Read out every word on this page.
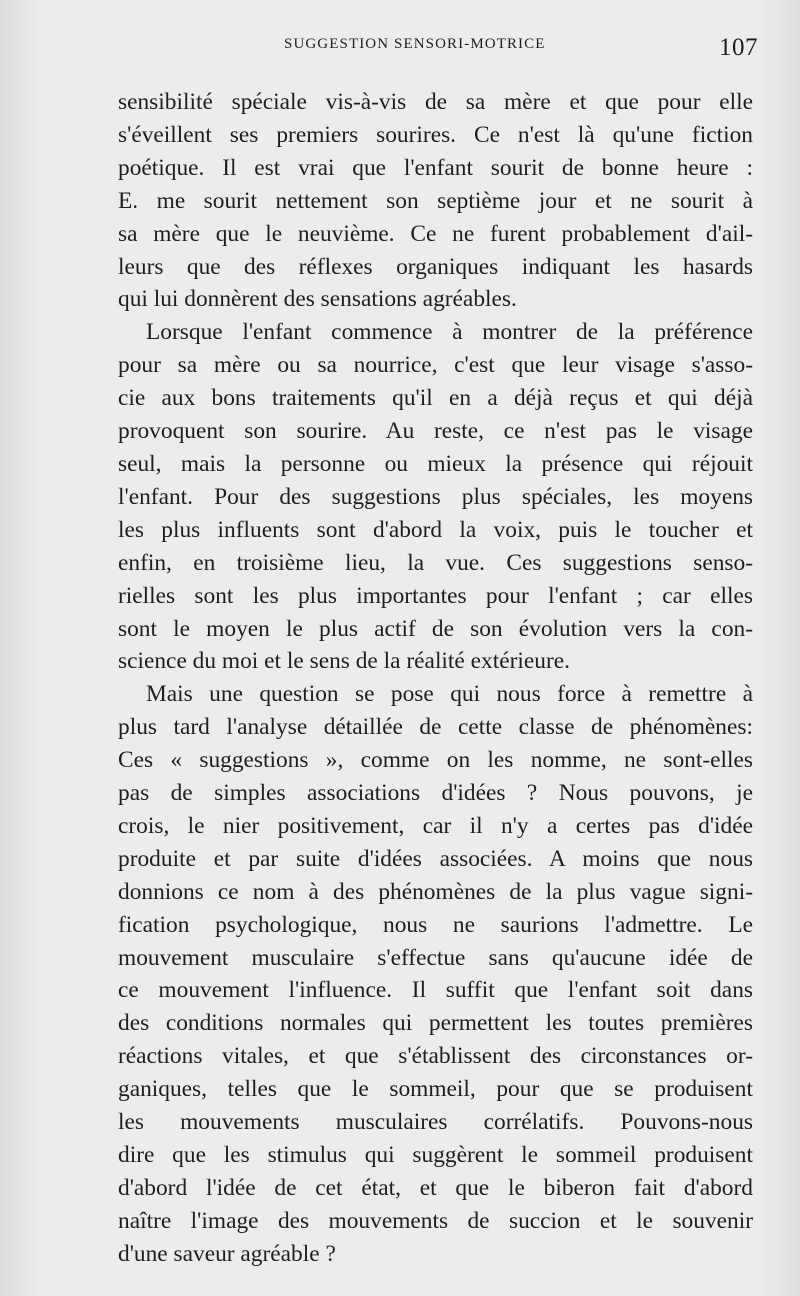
SUGGESTION SENSORI-MOTRICE	107
sensibilité spéciale vis-à-vis de sa mère et que pour elle
s'éveillent ses premiers sourires. Ce n'est là qu'une fiction
poétique. Il est vrai que l'enfant sourit de bonne heure :
E. me sourit nettement son septième jour et ne sourit à
sa mère que le neuvième. Ce ne furent probablement d'ail-
leurs que des réflexes organiques indiquant les hasards
qui lui donnèrent des sensations agréables.
Lorsque l'enfant commence à montrer de la préférence
pour sa mère ou sa nourrice, c'est que leur visage s'asso-
cie aux bons traitements qu'il en a déjà reçus et qui déjà
provoquent son sourire. Au reste, ce n'est pas le visage
seul, mais la personne ou mieux la présence qui réjouit
l'enfant. Pour des suggestions plus spéciales, les moyens
les plus influents sont d'abord la voix, puis le toucher et
enfin, en troisième lieu, la vue. Ces suggestions senso-
rielles sont les plus importantes pour l'enfant ; car elles
sont le moyen le plus actif de son évolution vers la con-
science du moi et le sens de la réalité extérieure.
Mais une question se pose qui nous force à remettre à
plus tard l'analyse détaillée de cette classe de phénomènes:
Ces « suggestions », comme on les nomme, ne sont-elles
pas de simples associations d'idées ? Nous pouvons, je
crois, le nier positivement, car il n'y a certes pas d'idée
produite et par suite d'idées associées. A moins que nous
donnions ce nom à des phénomènes de la plus vague signi-
fication psychologique, nous ne saurions l'admettre. Le
mouvement musculaire s'effectue sans qu'aucune idée de
ce mouvement l'influence. Il suffit que l'enfant soit dans
des conditions normales qui permettent les toutes premières
réactions vitales, et que s'établissent des circonstances or-
ganiques, telles que le sommeil, pour que se produisent
les mouvements musculaires corrélatifs. Pouvons-nous
dire que les stimulus qui suggèrent le sommeil produisent
d'abord l'idée de cet état, et que le biberon fait d'abord
naître l'image des mouvements de succion et le souvenir
d'une saveur agréable ?
